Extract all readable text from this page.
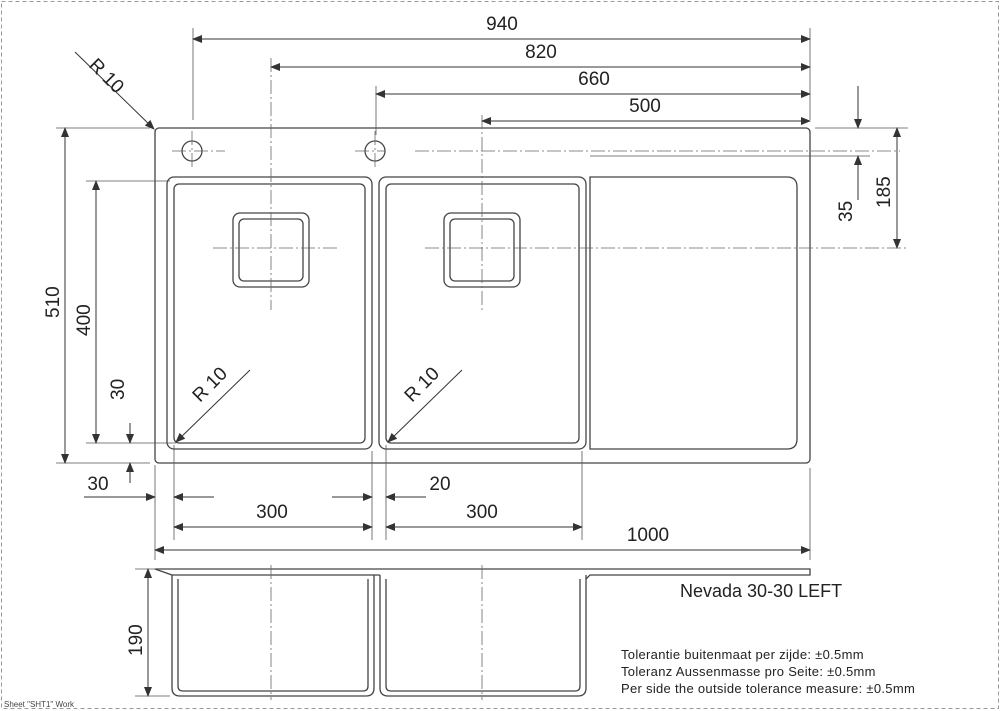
940
820
660
500
R 10
35
185
510
400
30	R 10	R 10
30	20
300	300
1000
190
Nevada 30-30 LEFT
Tolerantie buitenmaat per zijde: ±0.5mm
Toleranz Aussenmasse pro Seite: ±0.5mm
Per side the outside tolerance measure: ±0.5mm
Sheet "SHT1" Work
